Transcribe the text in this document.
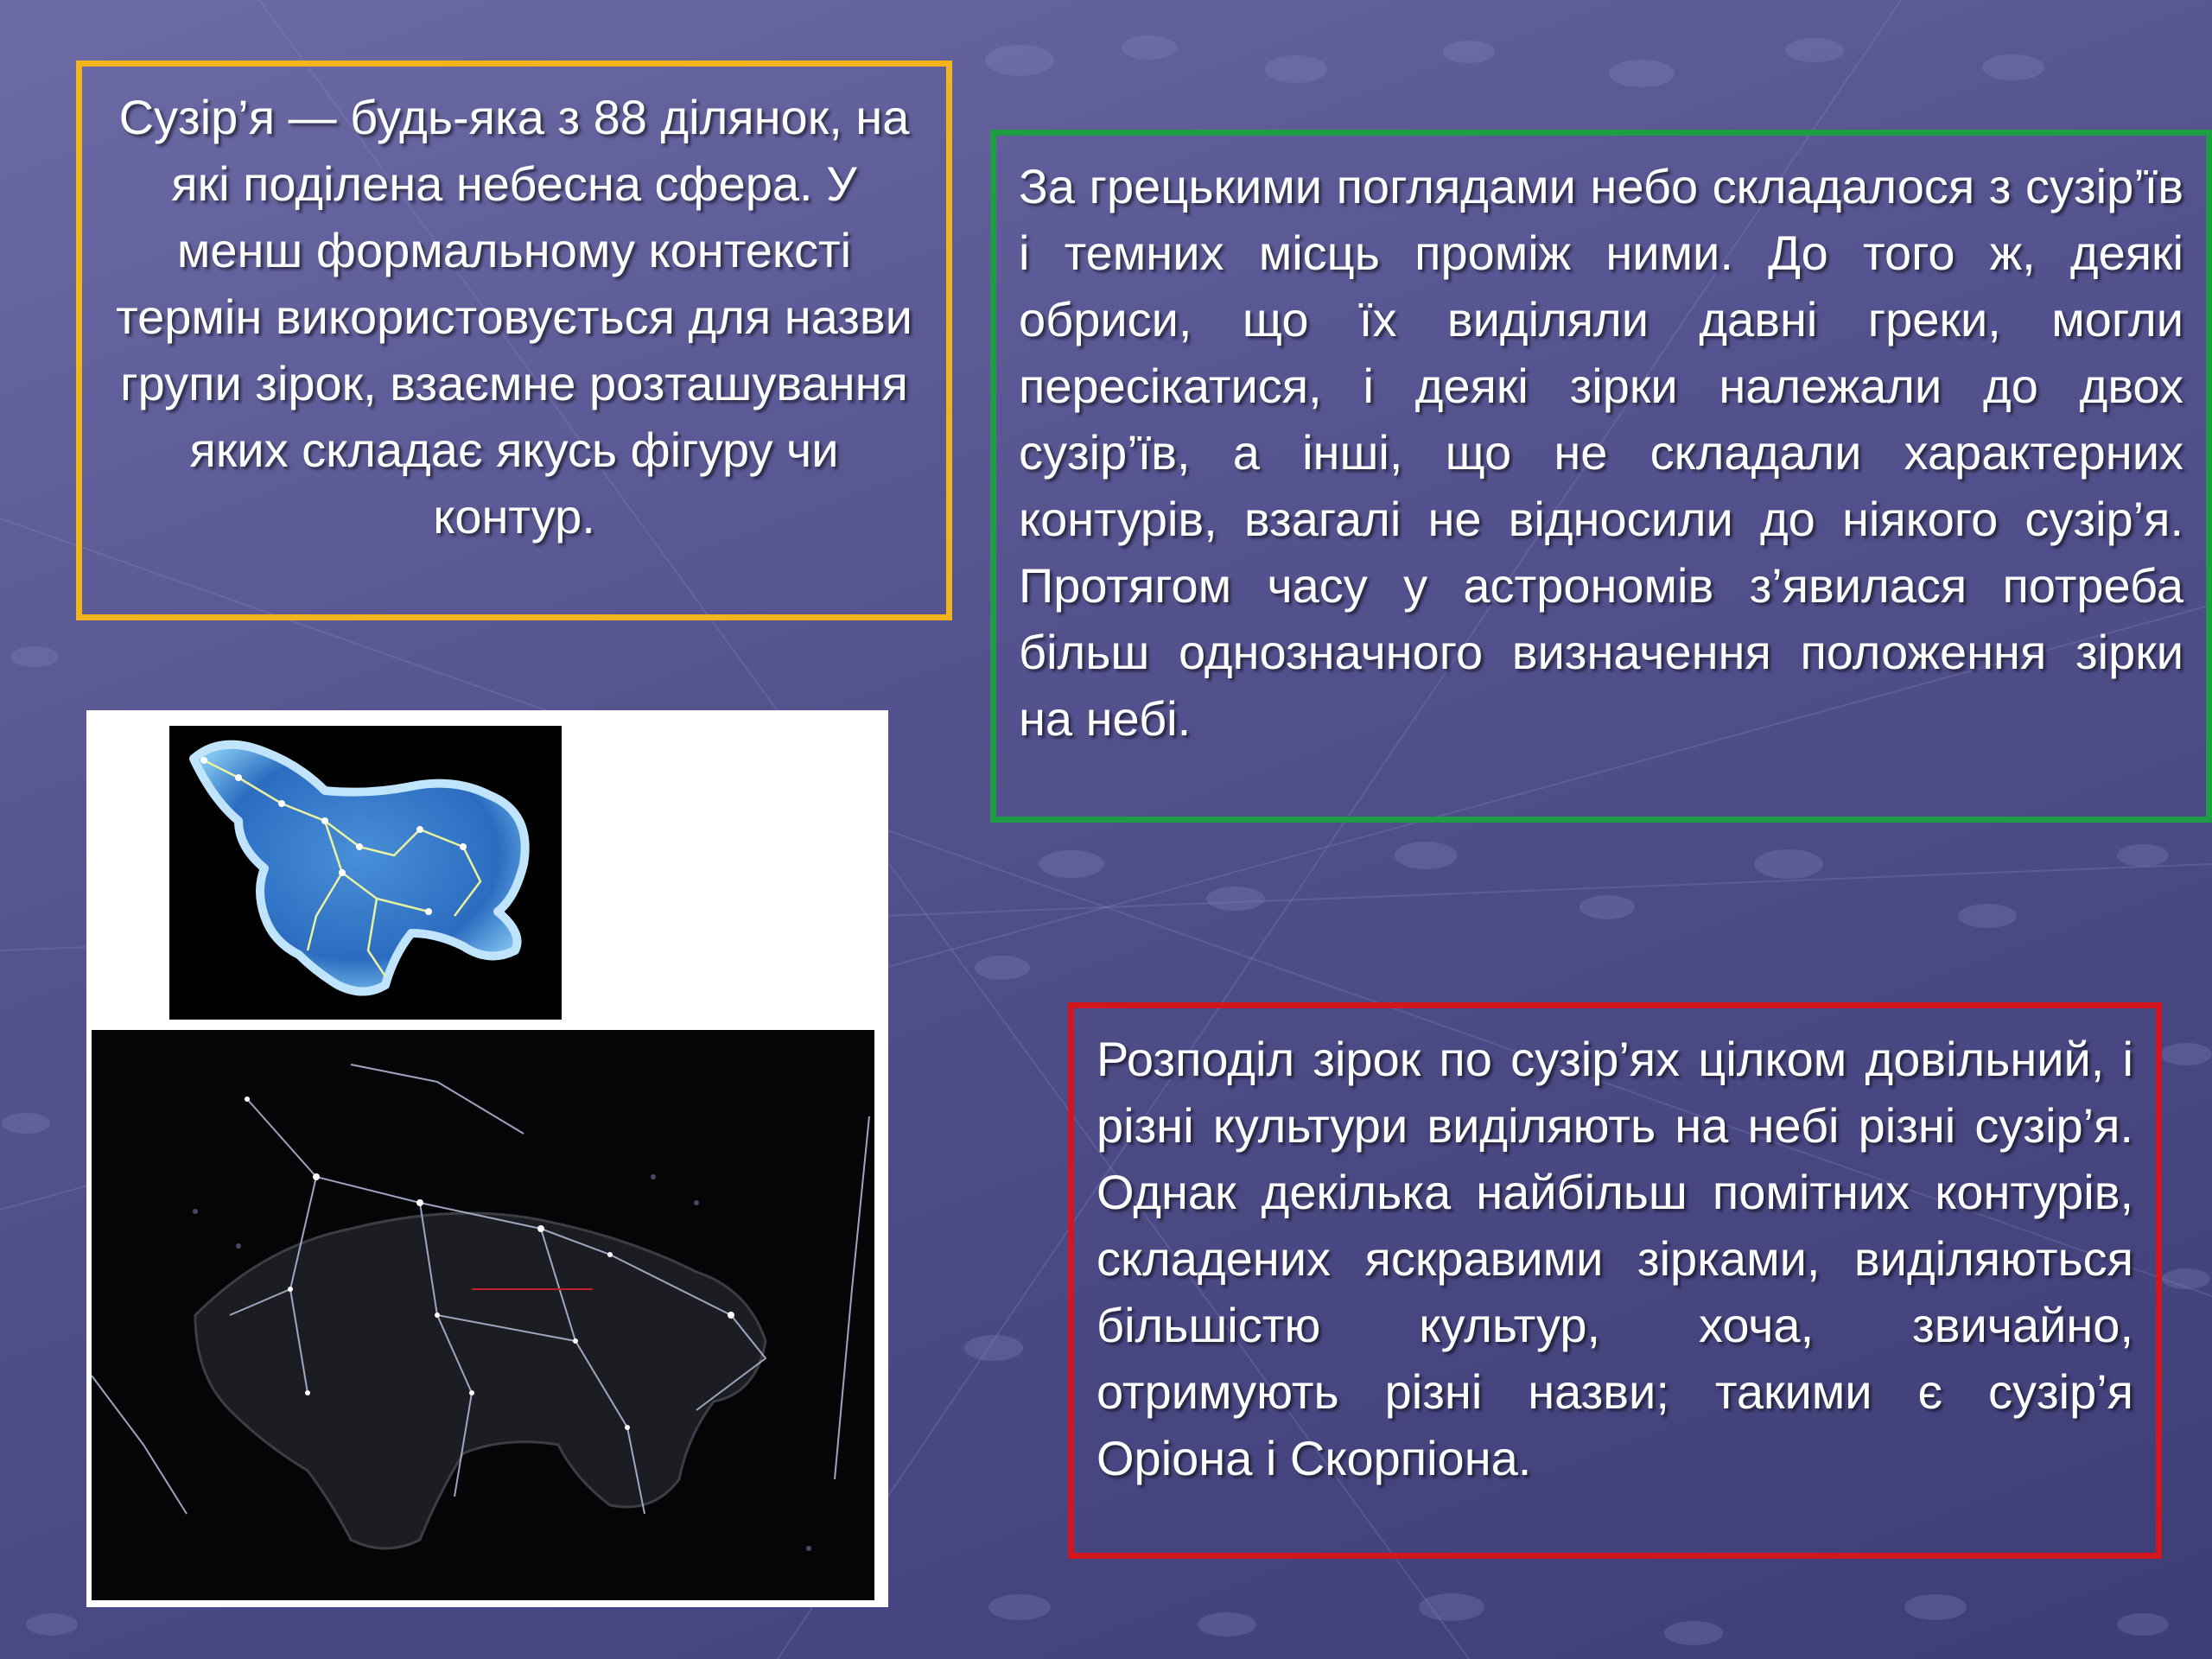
Сузір’я — будь-яка з 88 ділянок, на які поділена небесна сфера. У менш формальному контексті термін використовується для назви групи зірок, взаємне розташування яких складає якусь фігуру чи контур.

За грецькими поглядами небо складалося з сузір’їв і темних місць проміж ними. До того ж, деякі обриси, що їх виділяли давні греки, могли пересікатися, і деякі зірки належали до двох сузір’їв, а інші, що не складали характерних контурів, взагалі не відносили до ніякого сузір’я. Протягом часу у астрономів з’явилася потреба більш однозначного визначення положення зірки на небі.

Розподіл зірок по сузір’ях цілком довільний, і різні культури виділяють на небі різні сузір’я. Однак декілька найбільш помітних контурів, складених яскравими зірками, виділяються більшістю культур, хоча, звичайно, отримують різні назви; такими є сузір’я Оріона і Скорпіона.
